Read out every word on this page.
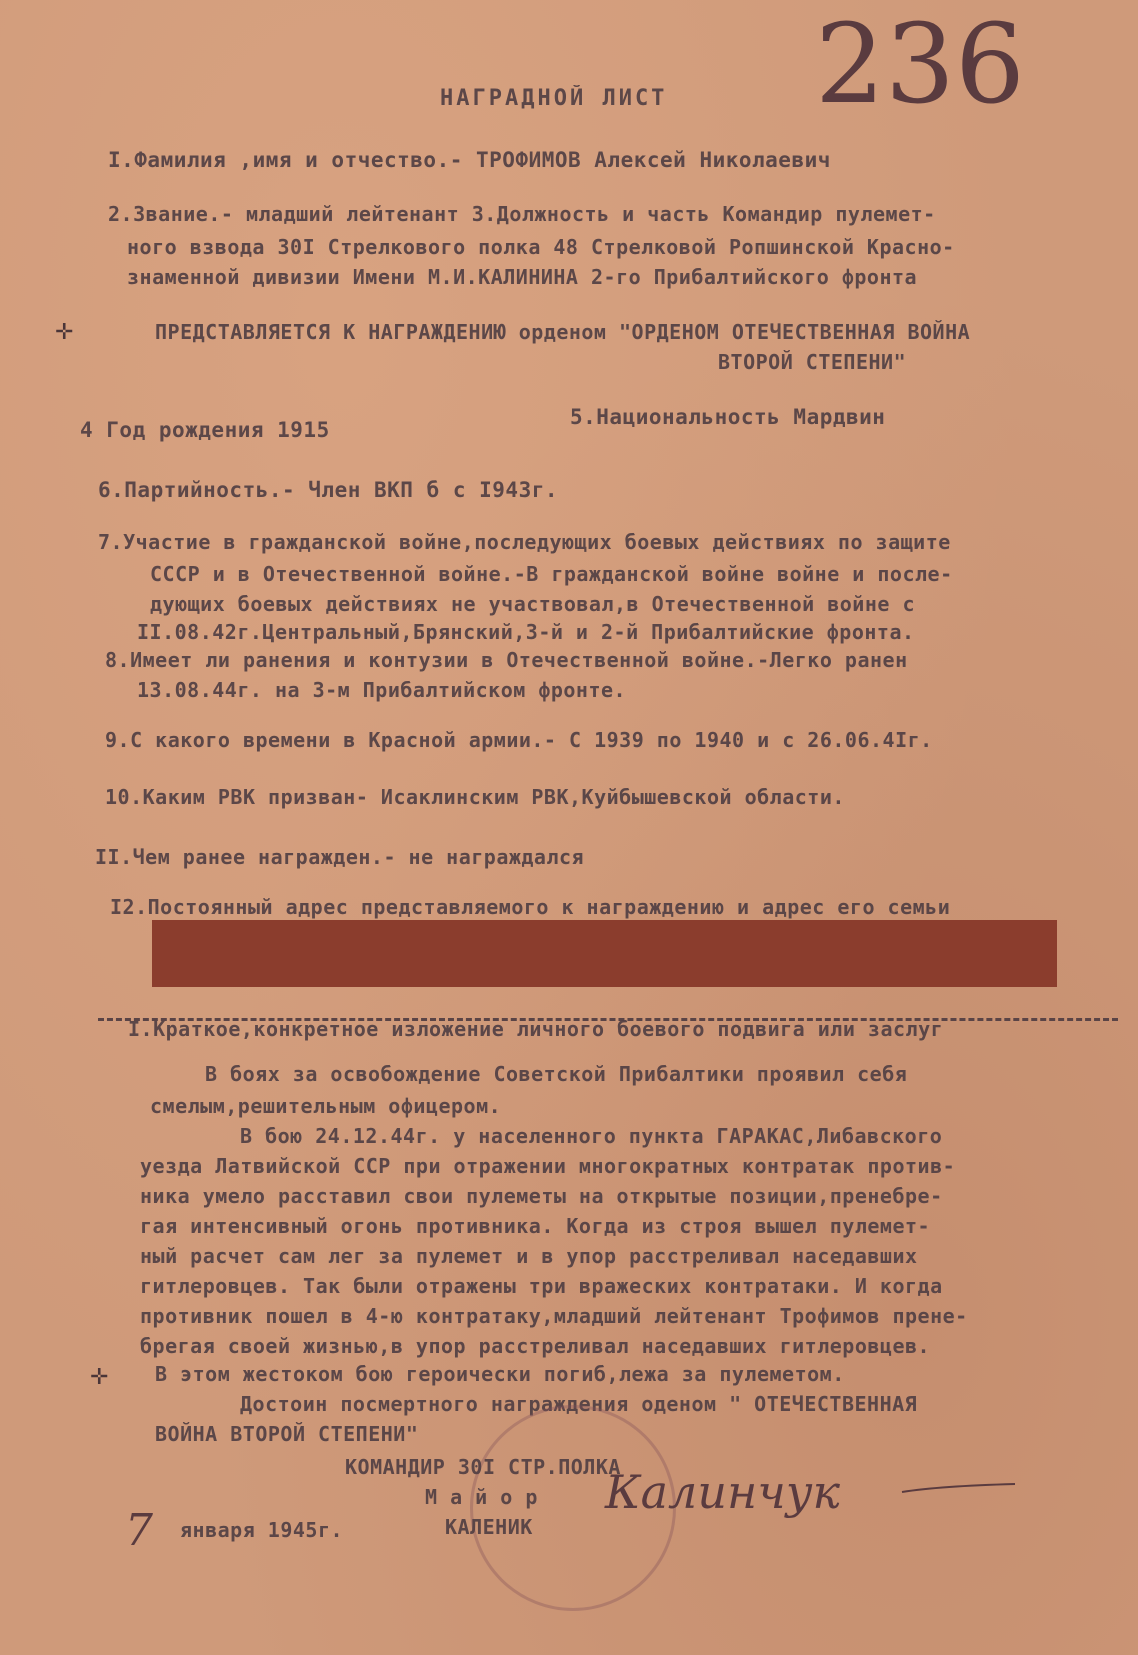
236
НАГРАДНОЙ ЛИСТ
I.Фамилия ,имя и отчество.- ТРОФИМОВ Алексей Николаевич
2.Звание.- младший лейтенант 3.Должность и часть Командир пулемет-
ного взвода 30I Стрелкового полка 48 Стрелковой Ропшинской Красно-
знаменной дивизии Имени М.И.КАЛИНИНА 2-го Прибалтийского фронта
✛	ПРЕДСТАВЛЯЕТСЯ К НАГРАЖДЕНИЮ орденом "ОРДЕНОМ ОТЕЧЕСТВЕННАЯ ВОЙНА
ВТОРОЙ СТЕПЕНИ"
4 Год рождения 1915
5.Национальность Мардвин
6.Партийность.- Член ВКП б с I943г.
7.Участие в гражданской войне,последующих боевых действиях по защите
СССР и в Отечественной войне.-В гражданской войне войне и после-
дующих боевых действиях не участвовал,в Отечественной войне с
II.08.42г.Центральный,Брянский,3-й и 2-й Прибалтийские фронта.
8.Имеет ли ранения и контузии в Отечественной войне.-Легко ранен
13.08.44г. на 3-м Прибалтийском фронте.
9.С какого времени в Красной армии.- С 1939 по 1940 и с 26.06.4Iг.
10.Каким РВК призван- Исаклинским РВК,Куйбышевской области.
II.Чем ранее награжден.- не награждался
I2.Постоянный адрес представляемого к награждению и адрес его семьи
I.Краткое,конкретное изложение личного боевого подвига или заслуг
В боях за освобождение Советской Прибалтики проявил себя
смелым,решительным офицером.
В бою 24.12.44г. у населенного пункта ГАРАКАС,Либавского
уезда Латвийской ССР при отражении многократных контратак против-
ника умело расставил свои пулеметы на открытые позиции,пренебре-
гая интенсивный огонь противника. Когда из строя вышел пулемет-
ный расчет сам лег за пулемет и в упор расстреливал наседавших
гитлеровцев. Так были отражены три вражеских контратаки. И когда
противник пошел в 4-ю контратаку,младший лейтенант Трофимов прене-
брегая своей жизнью,в упор расстреливал наседавших гитлеровцев.
В этом жестоком бою героически погиб,лежа за пулеметом.
✛
Достоин посмертного награждения оденом " ОТЕЧЕСТВЕННАЯ
ВОЙНА ВТОРОЙ СТЕПЕНИ"
КОМАНДИР 30I СТР.ПОЛКА
М а й о р
КАЛЕНИК
Калинчук
7 января 1945г.
